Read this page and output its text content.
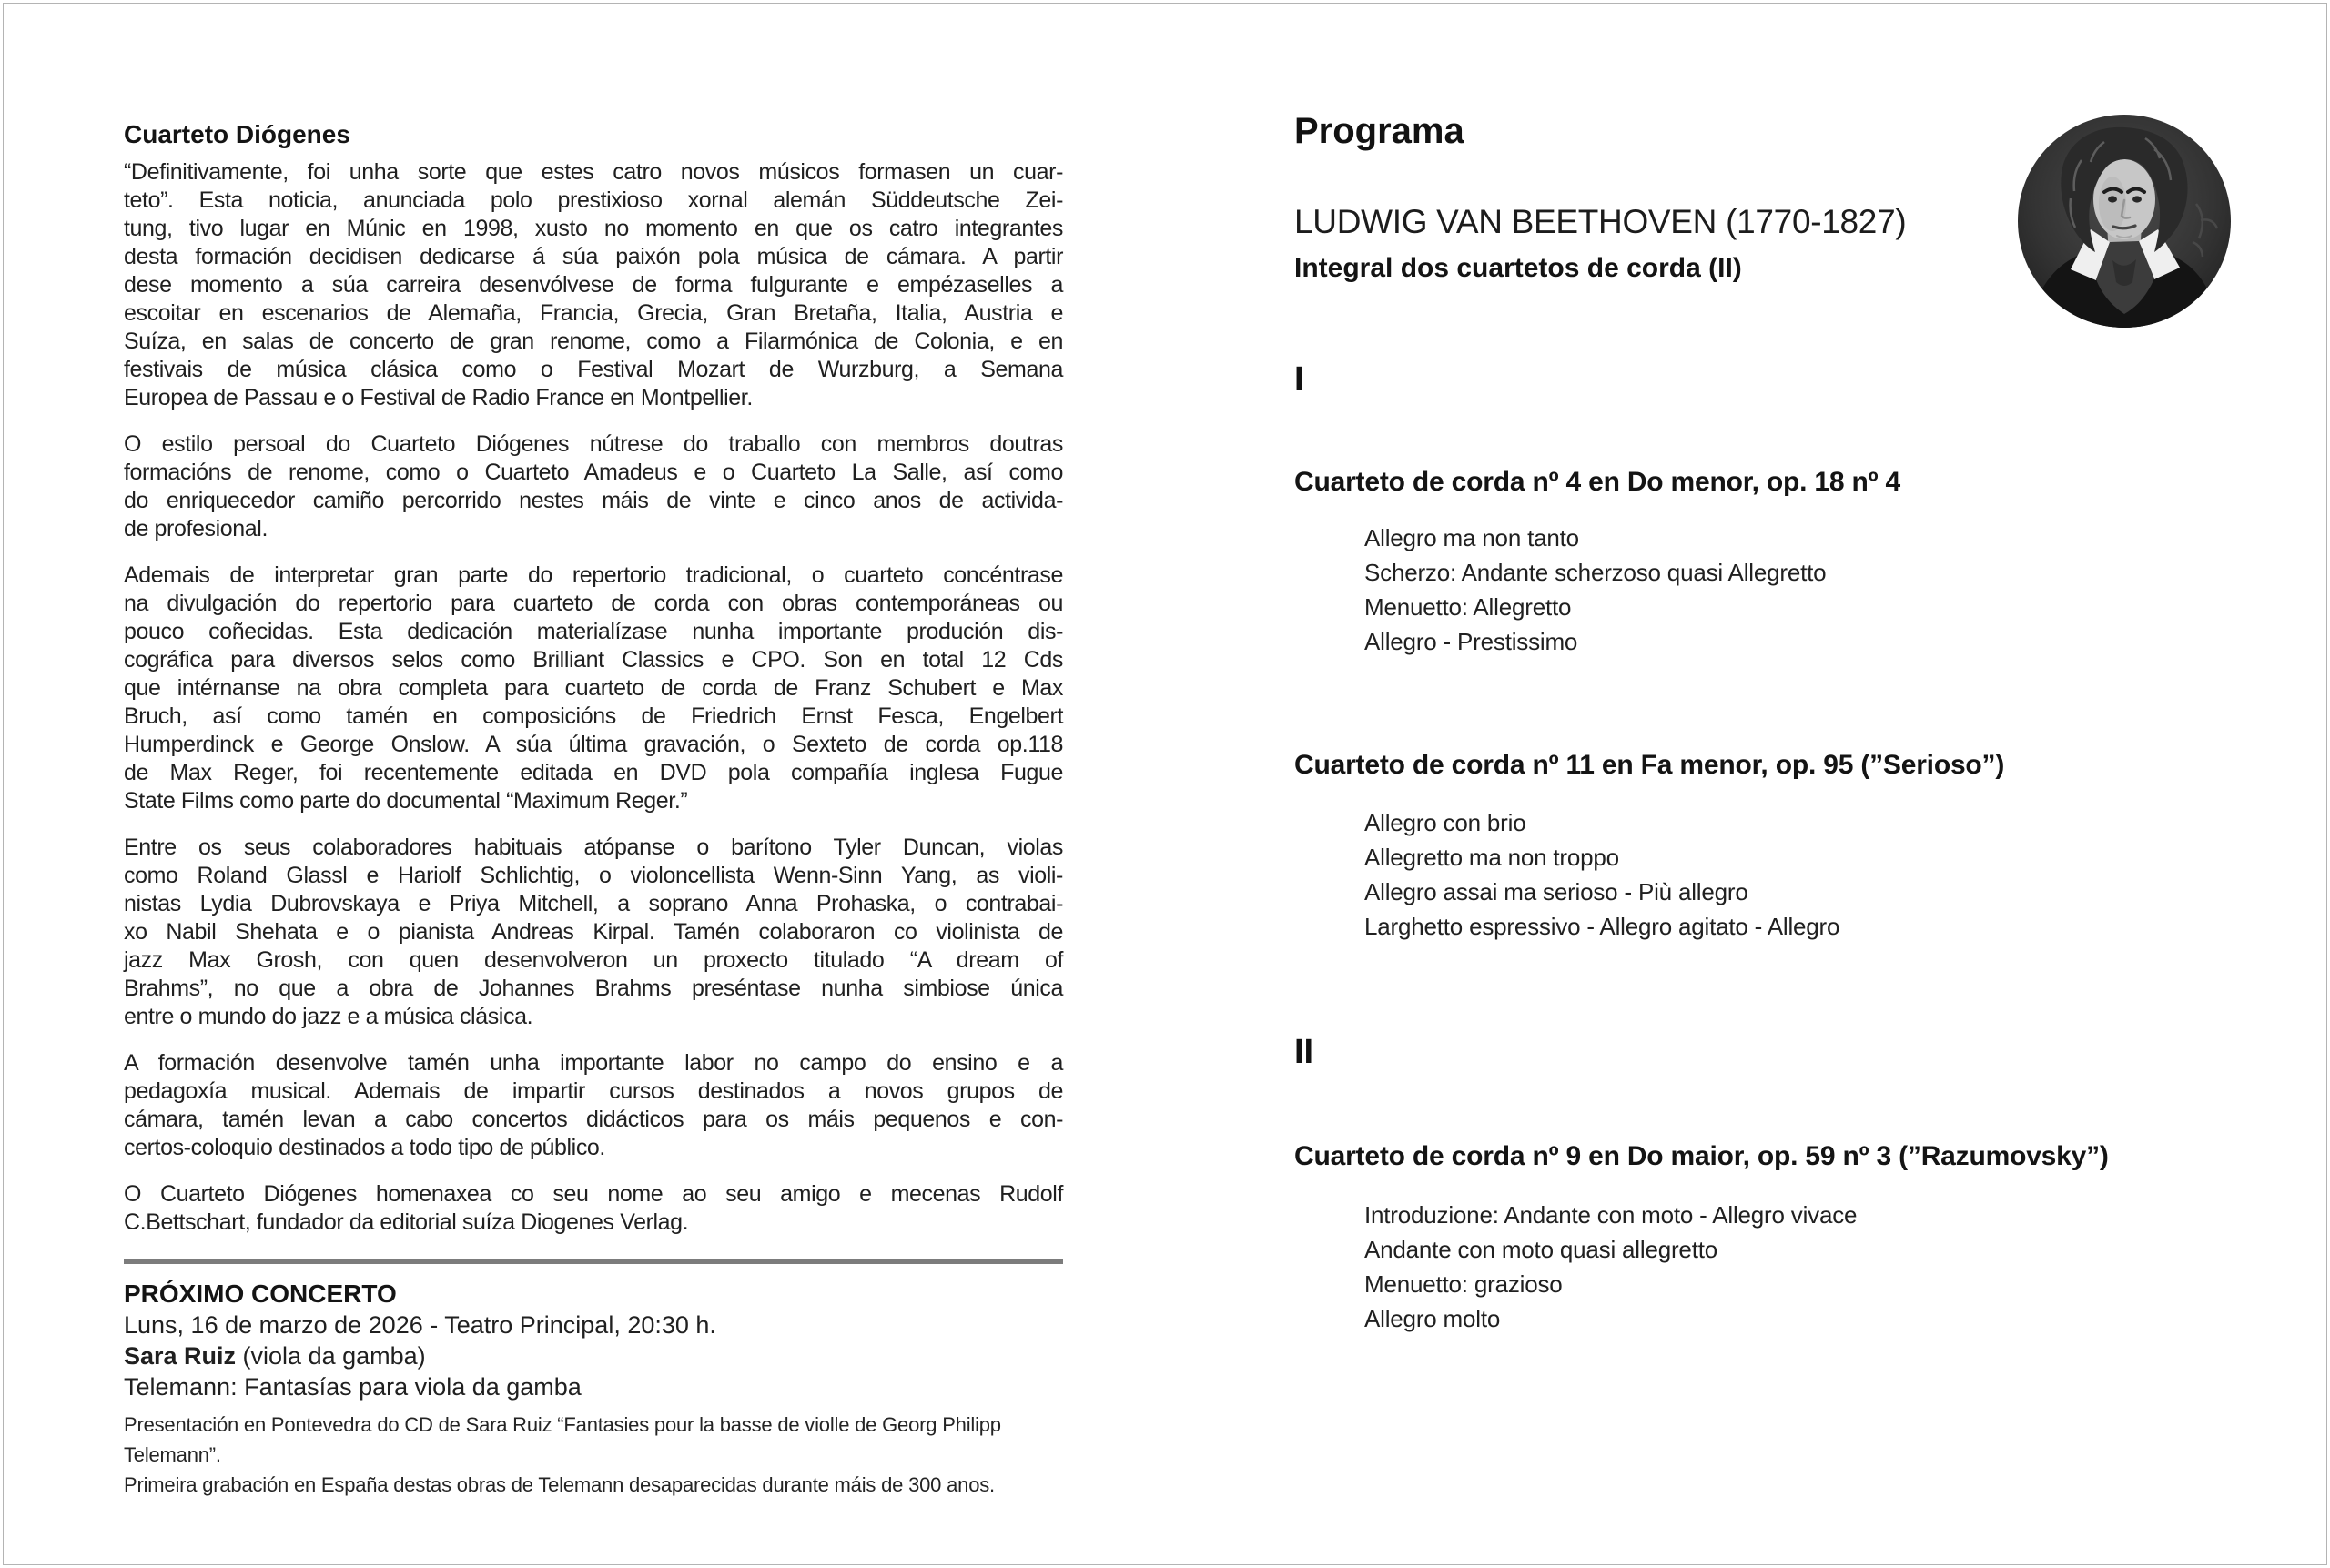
Cuarteto Diógenes
“Definitivamente, foi unha sorte que estes catro novos músicos formasen un cuar-
teto”. Esta noticia, anunciada polo prestixioso xornal alemán Süddeutsche Zei-
tung, tivo lugar en Múnic en 1998, xusto no momento en que os catro integrantes
desta formación decidisen dedicarse á súa paixón pola música de cámara. A partir
dese momento a súa carreira desenvólvese de forma fulgurante e empézaselles a
escoitar en escenarios de Alemaña, Francia, Grecia, Gran Bretaña, Italia, Austria e
Suíza, en salas de concerto de gran renome, como a Filarmónica de Colonia, e en
festivais de música clásica como o Festival Mozart de Wurzburg, a Semana
Europea de Passau e o Festival de Radio France en Montpellier.
O estilo persoal do Cuarteto Diógenes nútrese do traballo con membros doutras
formacións de renome, como o Cuarteto Amadeus e o Cuarteto La Salle, así como
do enriquecedor camiño percorrido nestes máis de vinte e cinco anos de activida-
de profesional.
Ademais de interpretar gran parte do repertorio tradicional, o cuarteto concéntrase
na divulgación do repertorio para cuarteto de corda con obras contemporáneas ou
pouco coñecidas. Esta dedicación materialízase nunha importante produción dis-
cográfica para diversos selos como Brilliant Classics e CPO. Son en total 12 Cds
que intérnanse na obra completa para cuarteto de corda de Franz Schubert e Max
Bruch, así como tamén en composicións de Friedrich Ernst Fesca, Engelbert
Humperdinck e George Onslow. A súa última gravación, o Sexteto de corda op.118
de Max Reger, foi recentemente editada en DVD pola compañía inglesa Fugue
State Films como parte do documental “Maximum Reger.”
Entre os seus colaboradores habituais atópanse o barítono Tyler Duncan, violas
como Roland Glassl e Hariolf Schlichtig, o violoncellista Wenn-Sinn Yang, as violi-
nistas Lydia Dubrovskaya e Priya Mitchell, a soprano Anna Prohaska, o contrabai-
xo Nabil Shehata e o pianista Andreas Kirpal. Tamén colaboraron co violinista de
jazz Max Grosh, con quen desenvolveron un proxecto titulado “A dream of
Brahms”, no que a obra de Johannes Brahms preséntase nunha simbiose única
entre o mundo do jazz e a música clásica.
A formación desenvolve tamén unha importante labor no campo do ensino e a
pedagoxía musical. Ademais de impartir cursos destinados a novos grupos de
cámara, tamén levan a cabo concertos didácticos para os máis pequenos e con-
certos-coloquio destinados a todo tipo de público.
O Cuarteto Diógenes homenaxea co seu nome ao seu amigo e mecenas Rudolf
C.Bettschart, fundador da editorial suíza Diogenes Verlag.
PRÓXIMO CONCERTO
Luns, 16 de marzo de 2026 - Teatro Principal, 20:30 h.
Sara Ruiz (viola da gamba)
Telemann: Fantasías para viola da gamba
Presentación en Pontevedra do CD de Sara Ruiz “Fantasies pour la basse de violle de Georg Philipp Telemann”.
Primeira grabación en España destas obras de Telemann desaparecidas durante máis de 300 anos.
Programa
LUDWIG VAN BEETHOVEN (1770-1827)
Integral dos cuartetos de corda (II)
I
Cuarteto de corda nº 4 en Do menor, op. 18 nº 4
Allegro ma non tanto
Scherzo: Andante scherzoso quasi Allegretto
Menuetto: Allegretto
Allegro - Prestissimo
Cuarteto de corda nº 11 en Fa menor, op. 95 (”Serioso”)
Allegro con brio
Allegretto ma non troppo
Allegro assai ma serioso - Più allegro
Larghetto espressivo - Allegro agitato - Allegro
II
Cuarteto de corda nº 9 en Do maior, op. 59 nº 3 (”Razumovsky”)
Introduzione: Andante con moto - Allegro vivace
Andante con moto quasi allegretto
Menuetto: grazioso
Allegro molto
